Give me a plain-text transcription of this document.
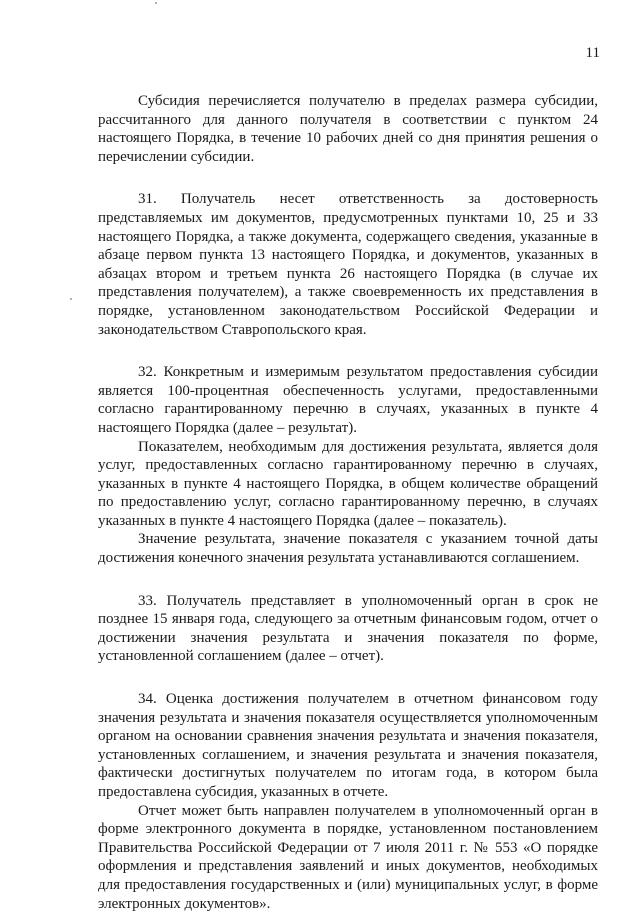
11

Субсидия перечисляется получателю в пределах размера субсидии, рассчитанного для данного получателя в соответствии с пунктом 24 настоящего Порядка, в течение 10 рабочих дней со дня принятия решения о перечислении субсидии.

31. Получатель несет ответственность за достоверность представляемых им документов, предусмотренных пунктами 10, 25 и 33 настоящего Порядка, а также документа, содержащего сведения, указанные в абзаце первом пункта 13 настоящего Порядка, и документов, указанных в абзацах втором и третьем пункта 26 настоящего Порядка (в случае их представления получателем), а также своевременность их представления в порядке, установленном законодательством Российской Федерации и законодательством Ставропольского края.

32. Конкретным и измеримым результатом предоставления субсидии является 100-процентная обеспеченность услугами, предоставленными согласно гарантированному перечню в случаях, указанных в пункте 4 настоящего Порядка (далее – результат).

Показателем, необходимым для достижения результата, является доля услуг, предоставленных согласно гарантированному перечню в случаях, указанных в пункте 4 настоящего Порядка, в общем количестве обращений по предоставлению услуг, согласно гарантированному перечню, в случаях указанных в пункте 4 настоящего Порядка (далее – показатель).

Значение результата, значение показателя с указанием точной даты достижения конечного значения результата устанавливаются соглашением.

33. Получатель представляет в уполномоченный орган в срок не позднее 15 января года, следующего за отчетным финансовым годом, отчет о достижении значения результата и значения показателя по форме, установленной соглашением (далее – отчет).

34. Оценка достижения получателем в отчетном финансовом году значения результата и значения показателя осуществляется уполномоченным органом на основании сравнения значения результата и значения показателя, установленных соглашением, и значения результата и значения показателя, фактически достигнутых получателем по итогам года, в котором была предоставлена субсидия, указанных в отчете.

Отчет может быть направлен получателем в уполномоченный орган в форме электронного документа в порядке, установленном постановлением Правительства Российской Федерации от 7 июля 2011 г. № 553 «О порядке оформления и представления заявлений и иных документов, необходимых для предоставления государственных и (или) муниципальных услуг, в форме электронных документов».
